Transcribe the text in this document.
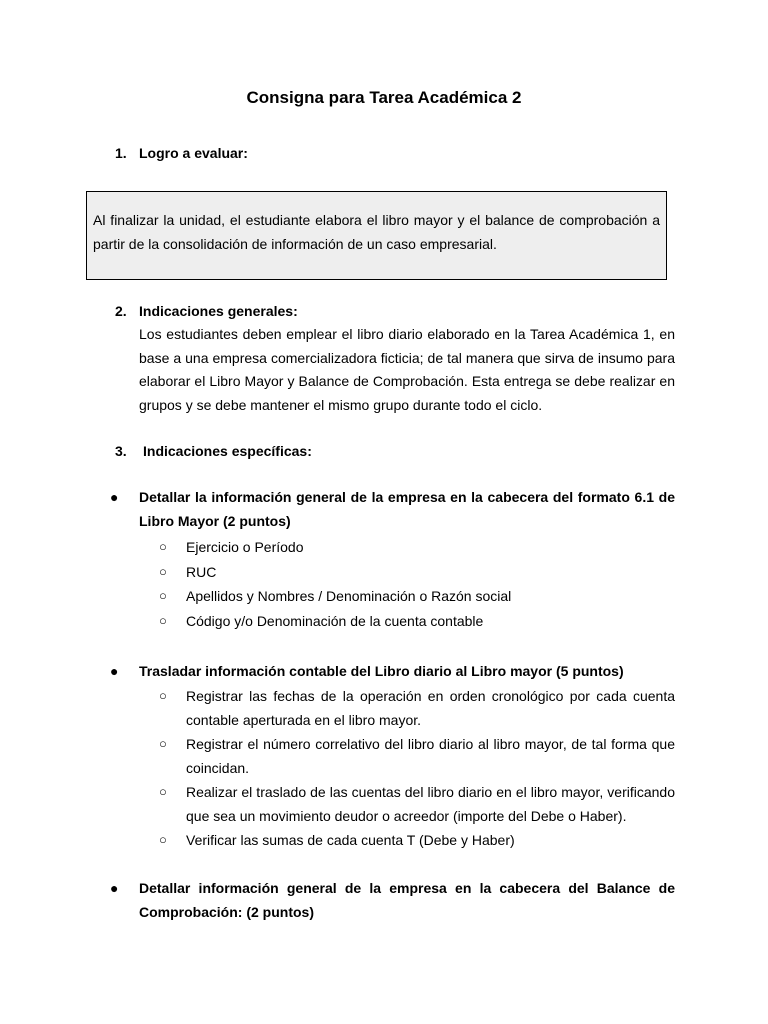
Consigna para Tarea Académica 2
1. Logro a evaluar:

Al finalizar la unidad, el estudiante elabora el libro mayor y el balance de comprobación a partir de la consolidación de información de un caso empresarial.

2. Indicaciones generales:

Los estudiantes deben emplear el libro diario elaborado en la Tarea Académica 1, en base a una empresa comercializadora ficticia; de tal manera que sirva de insumo para elaborar el Libro Mayor y Balance de Comprobación. Esta entrega se debe realizar en grupos y se debe mantener el mismo grupo durante todo el ciclo.

3. Indicaciones específicas:
● Detallar la información general de la empresa en la cabecera del formato 6.1 de Libro Mayor (2 puntos)

○ Ejercicio o Período

○ RUC

○ Apellidos y Nombres / Denominación o Razón social

○ Código y/o Denominación de la cuenta contable

● Trasladar información contable del Libro diario al Libro mayor (5 puntos)

○ Registrar las fechas de la operación en orden cronológico por cada cuenta contable aperturada en el libro mayor.

○ Registrar el número correlativo del libro diario al libro mayor, de tal forma que coincidan.

○ Realizar el traslado de las cuentas del libro diario en el libro mayor, verificando que sea un movimiento deudor o acreedor (importe del Debe o Haber).

○ Verificar las sumas de cada cuenta T (Debe y Haber)

● Detallar información general de la empresa en la cabecera del Balance de Comprobación: (2 puntos)
